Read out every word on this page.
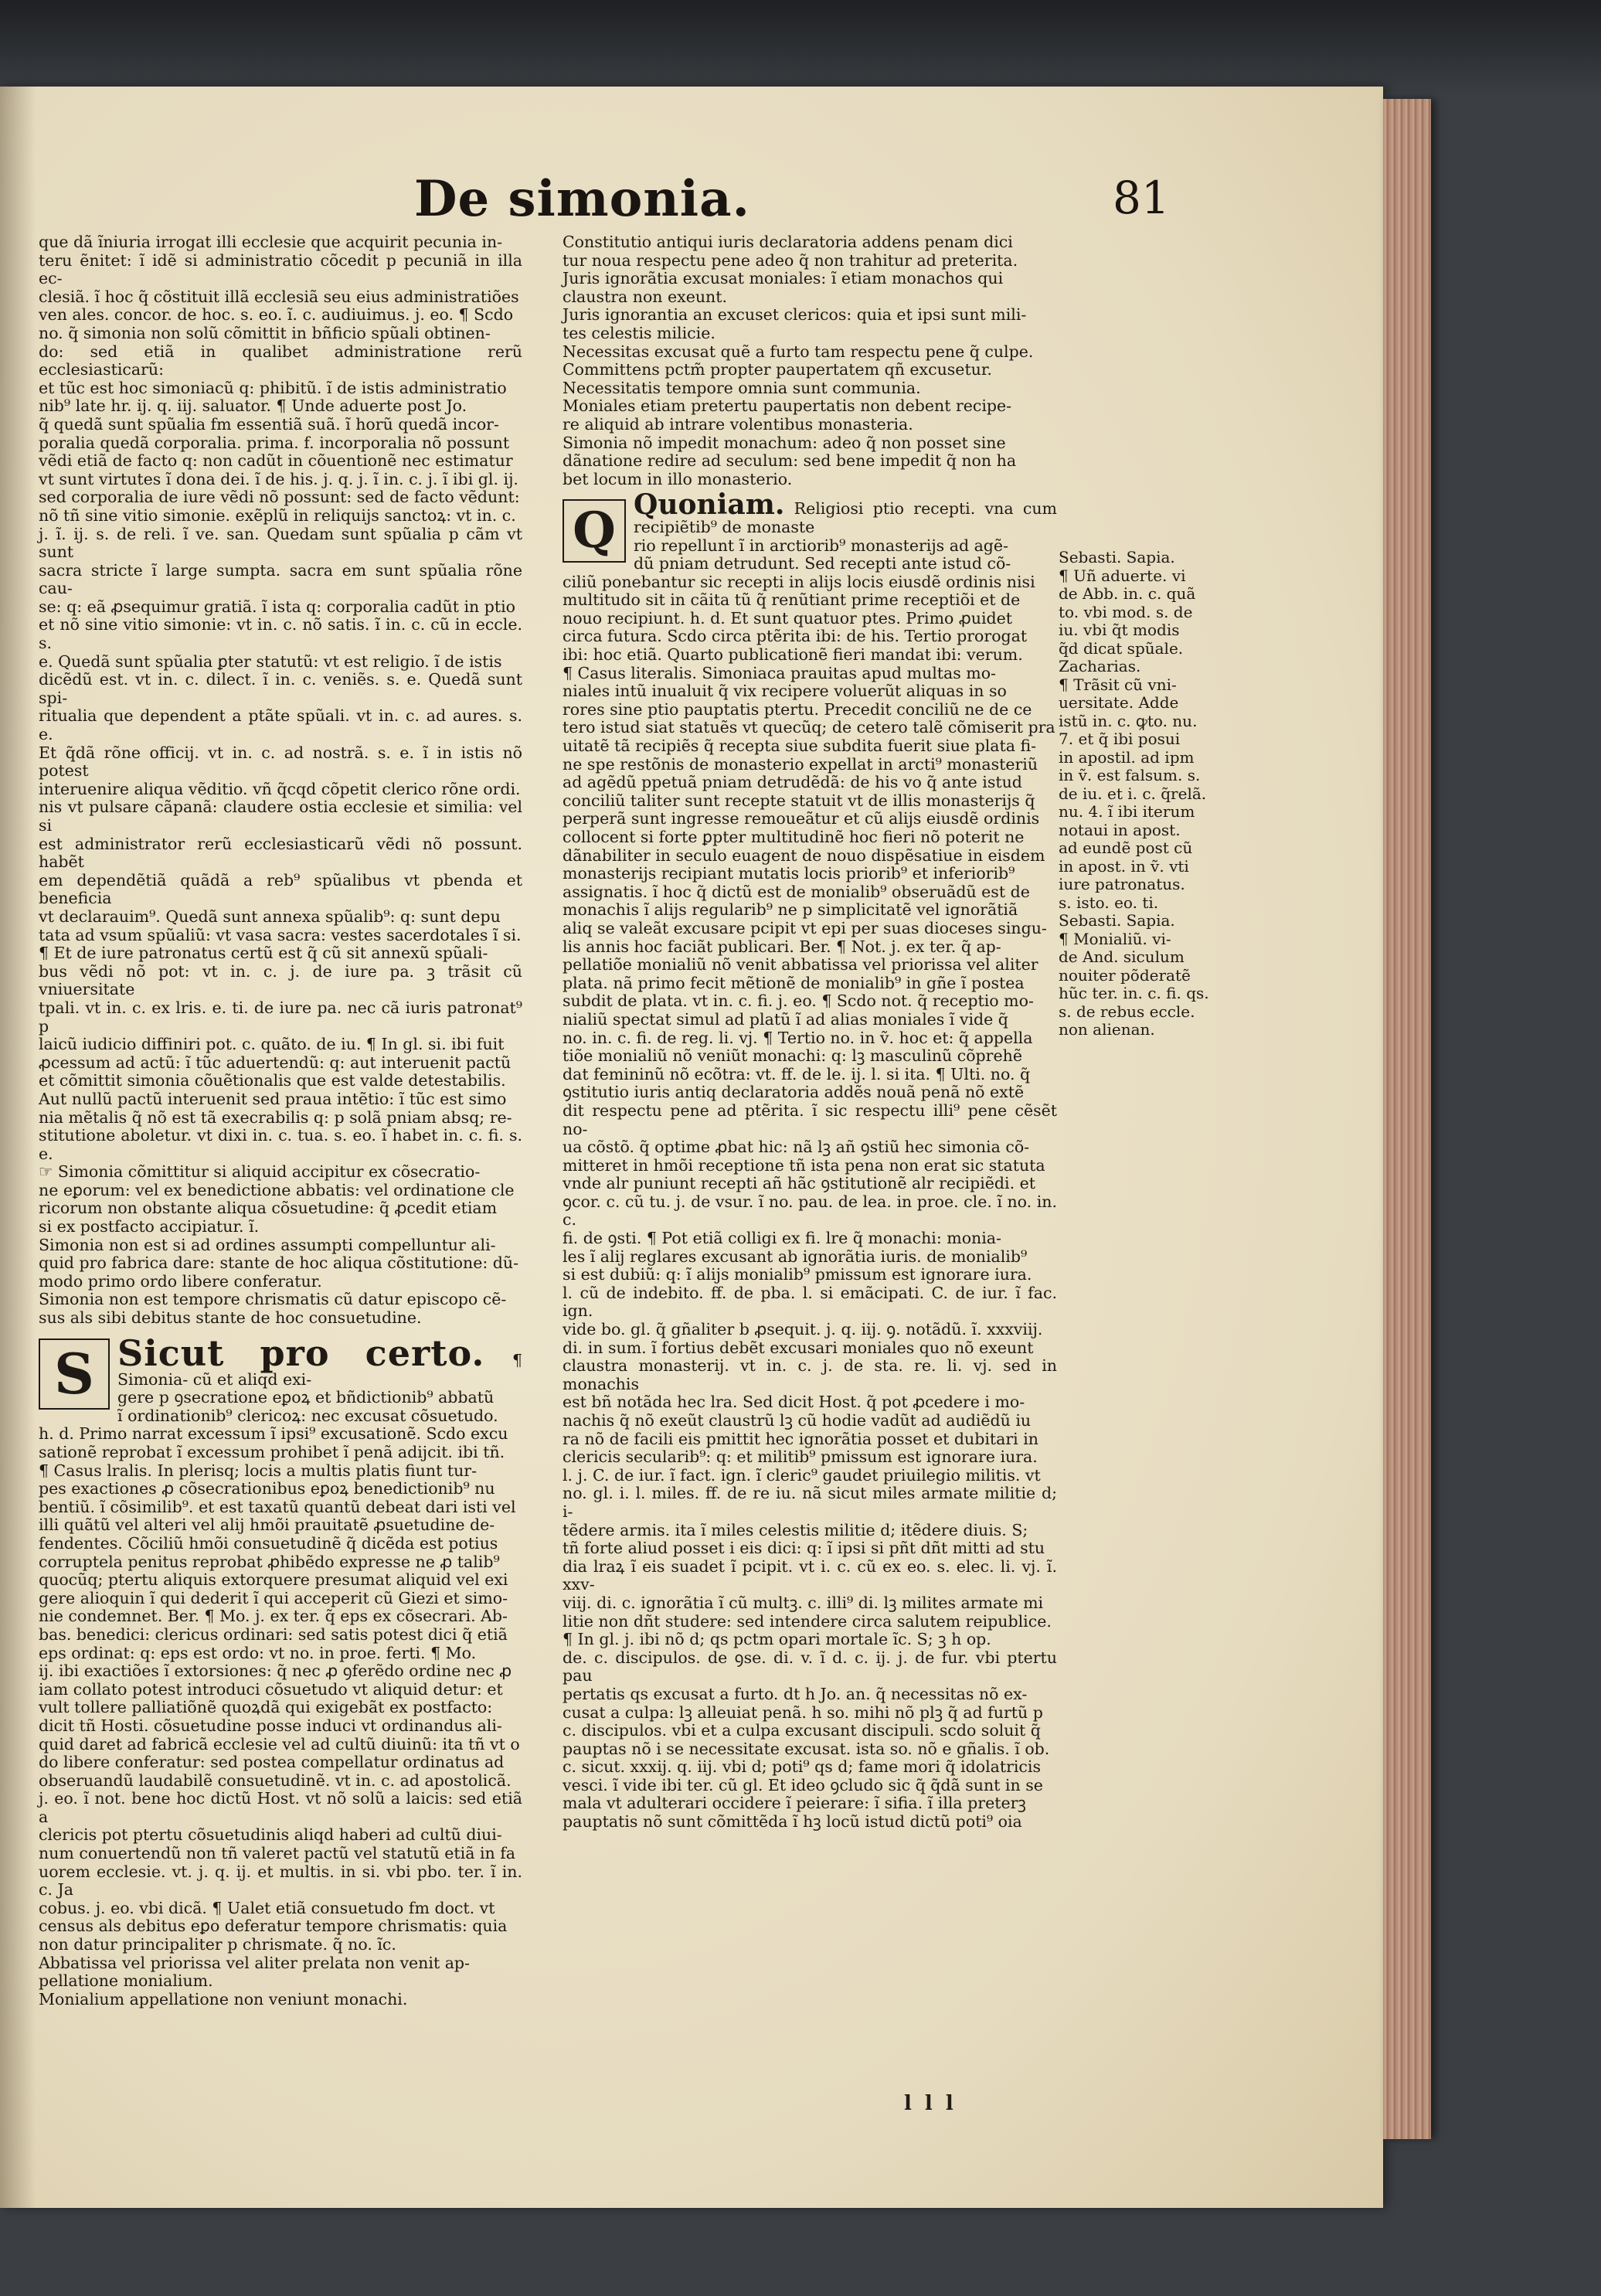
De simonia.	81

que dã ĩniuria irrogat illi ecclesie que acquirit pecunia in-

teru ẽnitet: ĩ idẽ si administratio cõcedit p pecuniã in illa ec-

clesiã. ĩ hoc q̃ cõstituit illã ecclesiã seu eius administratiões

ven ales. concor. de hoc. s. eo. ĩ. c. audiuimus. j. eo. ¶ Scdo

no. q̃ simonia non solũ cõmittit in bñficio spũali obtinen-

do: sed etiã in qualibet administratione rerũ ecclesiasticarũ:

et tũc est hoc simoniacũ q: phibitũ. ĩ de istis administratio

nib⁹ late hr. ij. q. iij. saluator. ¶ Unde aduerte post Jo.

q̃ quedã sunt spũalia fm essentiã suã. ĩ horũ quedã incor-

poralia quedã corporalia. prima. f. incorporalia nõ possunt

vẽdi etiã de facto q: non cadũt in cõuentionẽ nec estimatur

vt sunt virtutes ĩ dona dei. ĩ de his. j. q. j. ĩ in. c. j. ĩ ibi gl. ij.

sed corporalia de iure vẽdi nõ possunt: sed de facto vẽdunt:

nõ tñ sine vitio simonie. exẽplũ in reliquijs sanctoꝝ: vt in. c.

j. ĩ. ij. s. de reli. ĩ ve. san. Quedam sunt spũalia p cãm vt sunt

sacra stricte ĩ large sumpta. sacra em sunt spũalia rõne cau-

se: q: eã ꝓsequimur gratiã. ĩ ista q: corporalia cadũt in ptio

et nõ sine vitio simonie: vt in. c. nõ satis. ĩ in. c. cũ in eccle. s.

e. Quedã sunt spũalia ꝑter statutũ: vt est religio. ĩ de istis

dicẽdũ est. vt in. c. dilect. ĩ in. c. veniẽs. s. e. Quedã sunt spi-

ritualia que dependent a ptãte spũali. vt in. c. ad aures. s. e.

Et q̃dã rõne officij. vt in. c. ad nostrã. s. e. ĩ in istis nõ potest

interuenire aliqua vẽditio. vñ q̃cqd cõpetit clerico rõne ordi.

nis vt pulsare cãpanã: claudere ostia ecclesie et similia: vel si

est administrator rerũ ecclesiasticarũ vẽdi nõ possunt. habẽt

em dependẽtiã quãdã a reb⁹ spũalibus vt pbenda et beneficia

vt declarauim⁹. Quedã sunt annexa spũalib⁹: q: sunt depu

tata ad vsum spũaliũ: vt vasa sacra: vestes sacerdotales ĩ si.

¶ Et de iure patronatus certũ est q̃ cũ sit annexũ spũali-

bus vẽdi nõ pot: vt in. c. j. de iure pa. ꝫ trãsit cũ vniuersitate

tpali. vt in. c. ex lris. e. ti. de iure pa. nec cã iuris patronat⁹ p

laicũ iudicio diffiniri pot. c. quãto. de iu. ¶ In gl. si. ibi fuit

ꝓcessum ad actũ: ĩ tũc aduertendũ: q: aut interuenit pactũ

et cõmittit simonia cõuẽtionalis que est valde detestabilis.

Aut nullũ pactũ interuenit sed praua intẽtio: ĩ tũc est simo

nia mẽtalis q̃ nõ est tã execrabilis q: p solã pniam absq; re-

stitutione aboletur. vt dixi in. c. tua. s. eo. ĩ habet in. c. fi. s. e.

☞ Simonia cõmittitur si aliquid accipitur ex cõsecratio-

ne eꝑorum: vel ex benedictione abbatis: vel ordinatione cle

ricorum non obstante aliqua cõsuetudine: q̃ ꝓcedit etiam

si ex postfacto accipiatur. ĩ.

Simonia non est si ad ordines assumpti compelluntur ali-

quid pro fabrica dare: stante de hoc aliqua cõstitutione: dũ-

modo primo ordo libere conferatur.

Simonia non est tempore chrismatis cũ datur episcopo cẽ-

sus als sibi debitus stante de hoc consuetudine.

S Sicut pro certo. ¶ Simonia- cũ et aliqd exi-

gere p ꝯsecratione eꝑoꝝ et bñdictionib⁹ abbatũ

ĩ ordinationib⁹ clericoꝝ: nec excusat cõsuetudo.

h. d. Primo narrat excessum ĩ ipsi⁹ excusationẽ. Scdo excu

sationẽ reprobat ĩ excessum prohibet ĩ penã adijcit. ibi tñ.

¶ Casus lralis. In plerisq; locis a multis platis fiunt tur-

pes exactiones ꝓ cõsecrationibus eꝑoꝝ benedictionib⁹ nu

bentiũ. ĩ cõsimilib⁹. et est taxatũ quantũ debeat dari isti vel

illi quãtũ vel alteri vel alij hmõi prauitatẽ ꝓsuetudine de-

fendentes. Cõciliũ hmõi consuetudinẽ q̃ dicẽda est potius

corruptela penitus reprobat ꝓhibẽdo expresse ne ꝓ talib⁹

quocũq; ptertu aliquis extorquere presumat aliquid vel exi

gere alioquin ĩ qui dederit ĩ qui acceperit cũ Giezi et simo-

nie condemnet. Ber. ¶ Mo. j. ex ter. q̃ eps ex cõsecrari. Ab-

bas. benedici: clericus ordinari: sed satis potest dici q̃ etiã

eps ordinat: q: eps est ordo: vt no. in proe. ferti. ¶ Mo.

ij. ibi exactiões ĩ extorsiones: q̃ nec ꝓ ꝯferẽdo ordine nec ꝓ

iam collato potest introduci cõsuetudo vt aliquid detur: et

vult tollere palliatiõnẽ quoꝝdã qui exigebãt ex postfacto:

dicit tñ Hosti. cõsuetudine posse induci vt ordinandus ali-

quid daret ad fabricã ecclesie vel ad cultũ diuinũ: ita tñ vt o

do libere conferatur: sed postea compellatur ordinatus ad

obseruandũ laudabilẽ consuetudinẽ. vt in. c. ad apostolicã.

j. eo. ĩ not. bene hoc dictũ Host. vt nõ solũ a laicis: sed etiã a

clericis pot ptertu cõsuetudinis aliqd haberi ad cultũ diui-

num conuertendũ non tñ valeret pactũ vel statutũ etiã in fa

uorem ecclesie. vt. j. q. ij. et multis. in si. vbi pbo. ter. ĩ in. c. Ja

cobus. j. eo. vbi dicã. ¶ Ualet etiã consuetudo fm doct. vt

census als debitus eꝑo deferatur tempore chrismatis: quia

non datur principaliter p chrismate. q̃ no. ĩc.

Abbatissa vel priorissa vel aliter prelata non venit ap-

pellatione monialium.

Monialium appellatione non veniunt monachi.

Constitutio antiqui iuris declaratoria addens penam dici

tur noua respectu pene adeo q̃ non trahitur ad preterita.

Juris ignorãtia excusat moniales: ĩ etiam monachos qui

claustra non exeunt.

Juris ignorantia an excuset clericos: quia et ipsi sunt mili-

tes celestis milicie.

Necessitas excusat quẽ a furto tam respectu pene q̃ culpe.

Committens pctm̃ propter paupertatem qñ excusetur.

Necessitatis tempore omnia sunt communia.

Moniales etiam pretertu paupertatis non debent recipe-

re aliquid ab intrare volentibus monasteria.

Simonia nõ impedit monachum: adeo q̃ non posset sine

dãnatione redire ad seculum: sed bene impedit q̃ non ha

bet locum in illo monasterio.

Q Quoniam. Religiosi ptio recepti. vna cum recipiẽtib⁹ de monaste

rio repellunt ĩ in arctiorib⁹ monasterijs ad agẽ-

dũ pniam detrudunt. Sed recepti ante istud cõ-

ciliũ ponebantur sic recepti in alijs locis eiusdẽ ordinis nisi

multitudo sit in cãita tũ q̃ renũtiant prime receptiõi et de

nouo recipiunt. h. d. Et sunt quatuor ptes. Primo ꝓuidet

circa futura. Scdo circa ptẽrita ibi: de his. Tertio prorogat

ibi: hoc etiã. Quarto publicationẽ fieri mandat ibi: verum.

¶ Casus literalis. Simoniaca prauitas apud multas mo-

niales intũ inualuit q̃ vix recipere voluerũt aliquas in so

rores sine ptio pauptatis ptertu. Precedit conciliũ ne de ce

tero istud siat statuẽs vt quecũq; de cetero talẽ cõmiserit pra

uitatẽ tã recipiẽs q̃ recepta siue subdita fuerit siue plata fi-

ne spe restõnis de monasterio expellat in arcti⁹ monasteriũ

ad agẽdũ ppetuã pniam detrudẽdã: de his vo q̃ ante istud

conciliũ taliter sunt recepte statuit vt de illis monasterijs q̃

perperã sunt ingresse remoueãtur et cũ alijs eiusdẽ ordinis

collocent si forte ꝑpter multitudinẽ hoc fieri nõ poterit ne

dãnabiliter in seculo euagent de nouo dispẽsatiue in eisdem

monasterijs recipiant mutatis locis priorib⁹ et inferiorib⁹

assignatis. ĩ hoc q̃ dictũ est de monialib⁹ obseruãdũ est de

monachis ĩ alijs regularib⁹ ne p simplicitatẽ vel ignorãtiã

aliq se valeãt excusare pcipit vt epi per suas dioceses singu-

lis annis hoc faciãt publicari. Ber. ¶ Not. j. ex ter. q̃ ap-

pellatiõe monialiũ nõ venit abbatissa vel priorissa vel aliter

plata. nã primo fecit mẽtionẽ de monialib⁹ in gñe ĩ postea

subdit de plata. vt in. c. fi. j. eo. ¶ Scdo not. q̃ receptio mo-

nialiũ spectat simul ad platũ ĩ ad alias moniales ĩ vide q̃

no. in. c. fi. de reg. li. vj. ¶ Tertio no. in ṽ. hoc et: q̃ appella

tiõe monialiũ nõ veniũt monachi: q: lꝫ masculinũ cõprehẽ

dat femininũ nõ ecõtra: vt. ff. de le. ij. l. si ita. ¶ Ulti. no. q̃

ꝯstitutio iuris antiq declaratoria addẽs nouã penã nõ extẽ

dit respectu pene ad ptẽrita. ĩ sic respectu illi⁹ pene cẽsẽt no-

ua cõstõ. q̃ optime ꝓbat hic: nã lꝫ añ ꝯstiũ hec simonia cõ-

mitteret in hmõi receptione tñ ista pena non erat sic statuta

vnde alr puniunt recepti añ hãc ꝯstitutionẽ alr recipiẽdi. et

ꝯcor. c. cũ tu. j. de vsur. ĩ no. pau. de lea. in proe. cle. ĩ no. in. c.

fi. de ꝯsti. ¶ Pot etiã colligi ex fi. lre q̃ monachi: monia-

les ĩ alij reglares excusant ab ignorãtia iuris. de monialib⁹

si est dubiũ: q: ĩ alijs monialib⁹ pmissum est ignorare iura.

l. cũ de indebito. ff. de pba. l. si emãcipati. C. de iur. ĩ fac. ign.

vide bo. gl. q̃ gñaliter b ꝓsequit. j. q. iij. ꝯ. notãdũ. ĩ. xxxviij.

di. in sum. ĩ fortius debẽt excusari moniales quo nõ exeunt

claustra monasterij. vt in. c. j. de sta. re. li. vj. sed in monachis

est bñ notãda hec lra. Sed dicit Host. q̃ pot ꝓcedere i mo-

nachis q̃ nõ exeũt claustrũ lꝫ cũ hodie vadũt ad audiẽdũ iu

ra nõ de facili eis pmittit hec ignorãtia posset et dubitari in

clericis secularib⁹: q: et militib⁹ pmissum est ignorare iura.

l. j. C. de iur. ĩ fact. ign. ĩ cleric⁹ gaudet priuilegio militis. vt

no. gl. i. l. miles. ff. de re iu. nã sicut miles armate militie d; i-

tẽdere armis. ita ĩ miles celestis militie d; itẽdere diuis. S;

tñ forte aliud posset i eis dici: q: ĩ ipsi si pñt dñt mitti ad stu

dia lraꝝ ĩ eis suadet ĩ pcipit. vt i. c. cũ ex eo. s. elec. li. vj. ĩ. xxv-

viij. di. c. ignorãtia ĩ cũ multꝫ. c. illi⁹ di. lꝫ milites armate mi

litie non dñt studere: sed intendere circa salutem reipublice.

¶ In gl. j. ibi nõ d; qs pctm opari mortale ĩc. S; ꝫ h op.

de. c. discipulos. de ꝯse. di. v. ĩ d. c. ij. j. de fur. vbi ptertu pau

pertatis qs excusat a furto. dt h Jo. an. q̃ necessitas nõ ex-

cusat a culpa: lꝫ alleuiat penã. h so. mihi nõ plꝫ q̃ ad furtũ p

c. discipulos. vbi et a culpa excusant discipuli. scdo soluit q̃

pauptas nõ i se necessitate excusat. ista so. nõ e gñalis. ĩ ob.

c. sicut. xxxij. q. iij. vbi d; poti⁹ qs d; fame mori q̃ idolatricis

vesci. ĩ vide ibi ter. cũ gl. Et ideo ꝯcludo sic q̃ q̃dã sunt in se

mala vt adulterari occidere ĩ peierare: ĩ sifia. ĩ illa preterꝫ

pauptatis nõ sunt cõmittẽda ĩ hꝫ locũ istud dictũ poti⁹ oia

Sebasti. Sapia.

¶ Uñ aduerte. vi

de Abb. in. c. quã

to. vbi mod. s. de

iu. vbi q̃t modis

q̃d dicat spũale.

Zacharias.

¶ Trãsit cũ vni-

uersitate. Adde

istũ in. c. ꝙto. nu.

7. et q̃ ibi posui

in apostil. ad ipm

in ṽ. est falsum. s.

de iu. et i. c. q̃relã.

nu. 4. ĩ ibi iterum

notaui in apost.

ad eundẽ post cũ

in apost. in ṽ. vti

iure patronatus.

s. isto. eo. ti.

Sebasti. Sapia.

¶ Monialiũ. vi-

de And. siculum

nouiter põderatẽ

hũc ter. in. c. fi. qs.

s. de rebus eccle.

non alienan.

l l l
